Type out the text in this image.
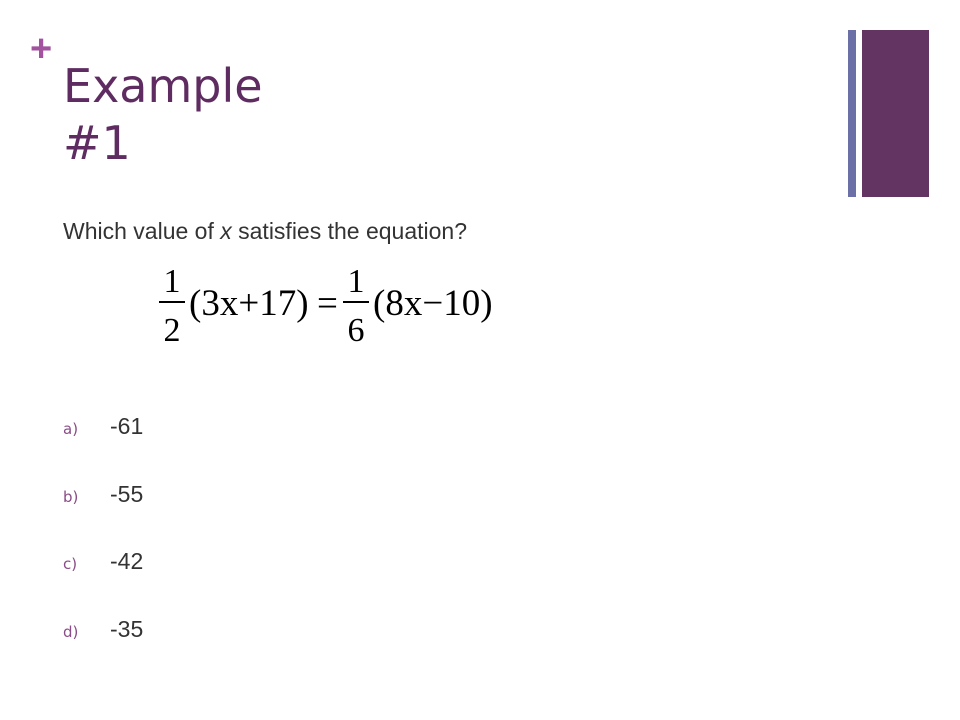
+
Example
#1
Which value of x satisfies the equation?
1
2
(3x+17) =
1
6
(8x−10)
a)	-61
b)	-55
c)	-42
d)	-35
